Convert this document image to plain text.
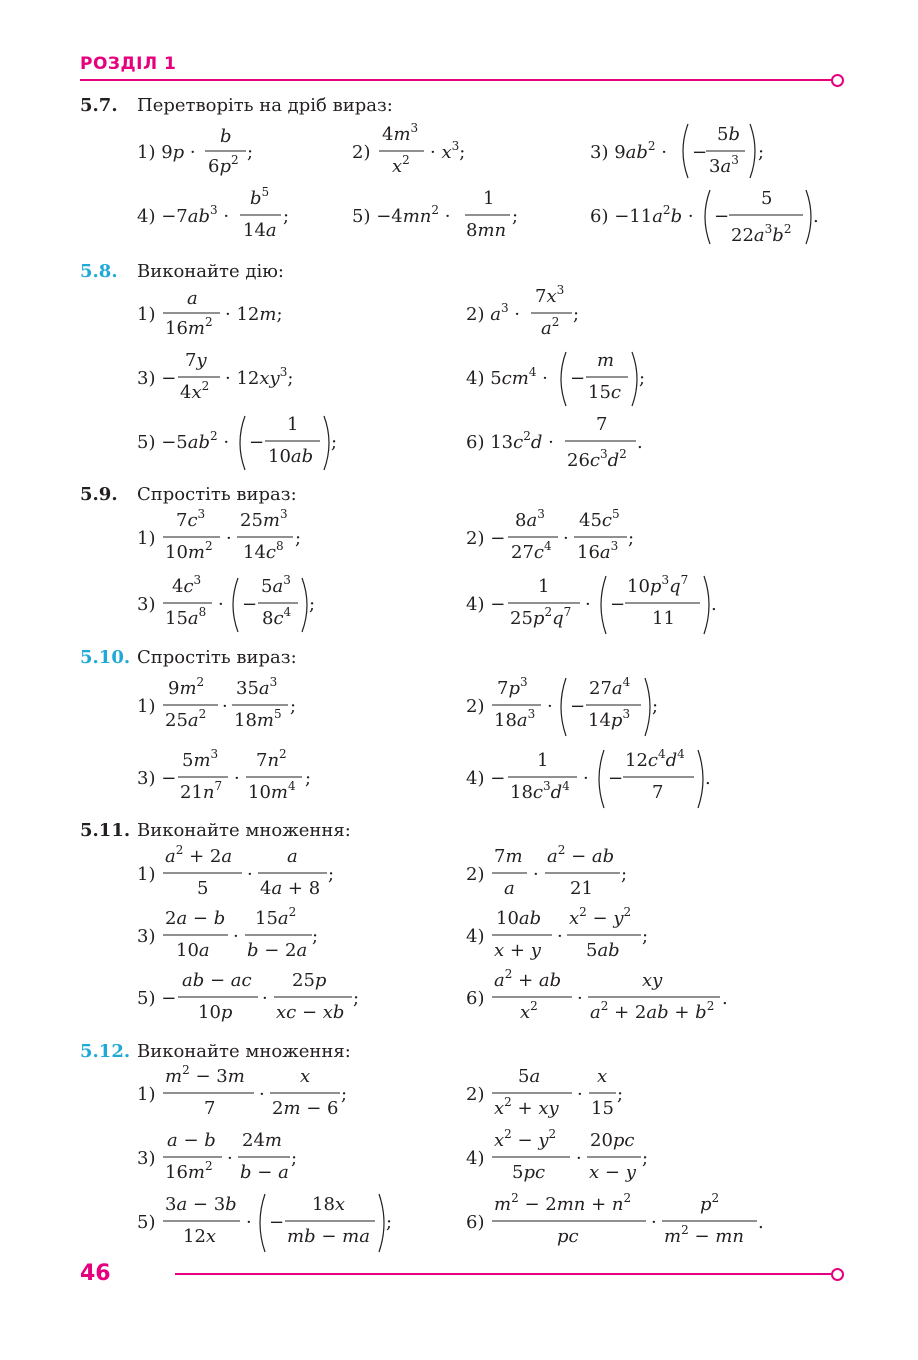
РОЗДІЛ 1
5.7. Перетворіть на дріб вираз:
5.8. Виконайте дію:
5.9. Спростіть вираз:
5.10. Спростіть вираз:
5.11. Виконайте множення:
5.12. Виконайте множення:
1) 9p ·
b
$6p^2$ ;	2)
$4m^3$
$x^2 \cdot x^3$;	3) $9ab^2$ · −
5b
$3a^3$ ;
$4) -7ab^3$ ·
$b^5$
14a
;	$5) -4mn^2$ ·
1
8mn
;	$6) -11a^2b$ · −
5
$22a^3b^2$
.
1)
a
$16m^2 \cdot 12m$;	2) $a^3$ ·
$7x^3$
$a^2$ ;
3) −
7y
$4x^2 \cdot 12xy^3$;	4) $5cm^4$ · −
m
15c
;
$5) -5ab^2$ · −
1
10ab
;	6) $13c^2d$ ·
7
$26c^3d^2$
.
1)
$7c^3$
$10m^2$ ·
$25m^3$
$14c^8$ ;	2) −
$8a^3$
$27c^4$ ·
$45c^5$
$16a^3$ ;
3)
$4c^3$
$15a^8$ · −
$5a^3$
$8c^4$ ;	4) −
1
$25p^2q^7$ · −
$10p^3q^7$
11
.
1)
$9m^2$
$25a^2$ ·
$35a^3$
$18m^5$ ;	2)
$7p^3$
$18a^3$ · −
$27a^4$
$14p^3$ ;
3) −
$5m^3$
$21n^7$ ·
$7n^2$
$10m^4$ ;	4) −
1
$18c^3d^4$ · −
$12c^4d^4$
7
.
1)
$a^2 + 2a$
5
·
a
4a + 8
;	2)
7m
a
·
$a^2$ − ab
21
;
3)
2a − b
10a
·
$15a^2$
b − 2a
;	4)
10ab
x + y
·
$x^2 - y^2$
5ab
;
5) −
ab − ac
10p
·
25p
xc − xb
;	6)
$a^2$ + ab
$x^2$ ·
xy
$a^2 + 2ab + b^2$ .
1)
$m^2 - 3m$
7
·
x
2m − 6
;	2)
5a
$x^2$ + xy
·
x
15
;
3)
a − b
$16m^2$ ·
24m
b − a
;	4)
$x^2 - y^2$
5pc
·
20pc
x − y
;
5)
3a − 3b
12x
· −
18x
mb − ma
;	6)
$m^2 - 2mn + n^2$
pc
·
$p^2$
$m^2$ − mn
.
46
